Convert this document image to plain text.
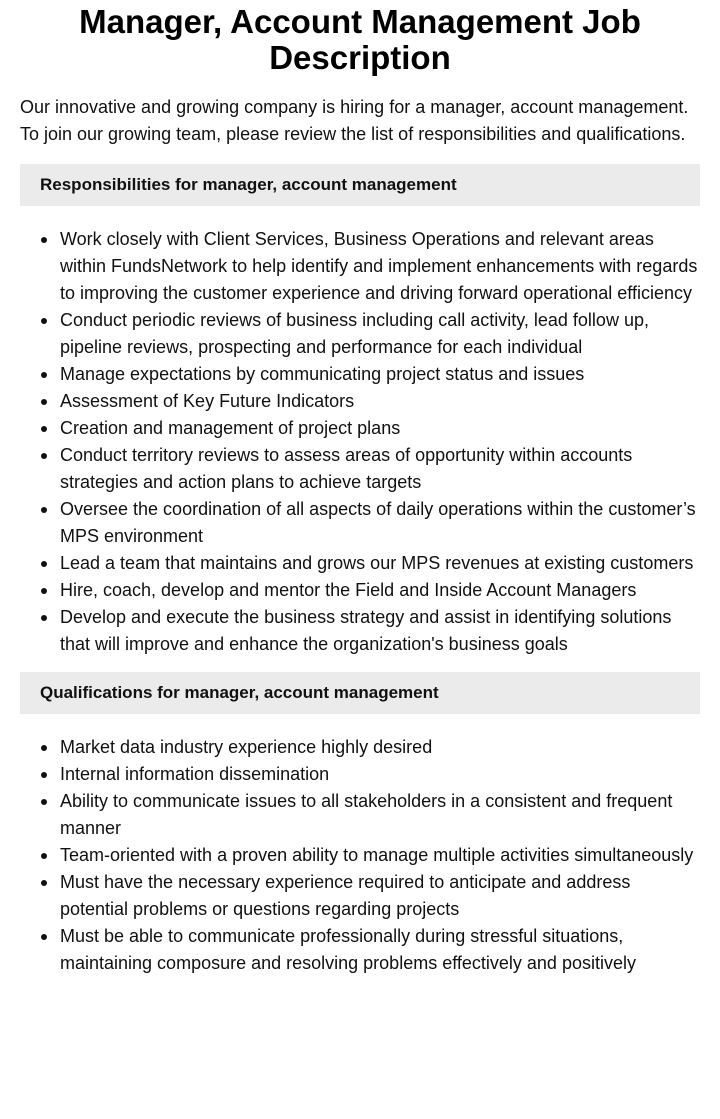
Manager, Account Management Job Description

Our innovative and growing company is hiring for a manager, account management. To join our growing team, please review the list of responsibilities and qualifications.

Responsibilities for manager, account management
Work closely with Client Services, Business Operations and relevant areas within FundsNetwork to help identify and implement enhancements with regards to improving the customer experience and driving forward operational efficiency
Conduct periodic reviews of business including call activity, lead follow up, pipeline reviews, prospecting and performance for each individual
Manage expectations by communicating project status and issues
Assessment of Key Future Indicators
Creation and management of project plans
Conduct territory reviews to assess areas of opportunity within accounts strategies and action plans to achieve targets
Oversee the coordination of all aspects of daily operations within the customer’s MPS environment
Lead a team that maintains and grows our MPS revenues at existing customers
Hire, coach, develop and mentor the Field and Inside Account Managers
Develop and execute the business strategy and assist in identifying solutions that will improve and enhance the organization's business goals
Qualifications for manager, account management
Market data industry experience highly desired
Internal information dissemination
Ability to communicate issues to all stakeholders in a consistent and frequent manner
Team-oriented with a proven ability to manage multiple activities simultaneously
Must have the necessary experience required to anticipate and address potential problems or questions regarding projects
Must be able to communicate professionally during stressful situations, maintaining composure and resolving problems effectively and positively
